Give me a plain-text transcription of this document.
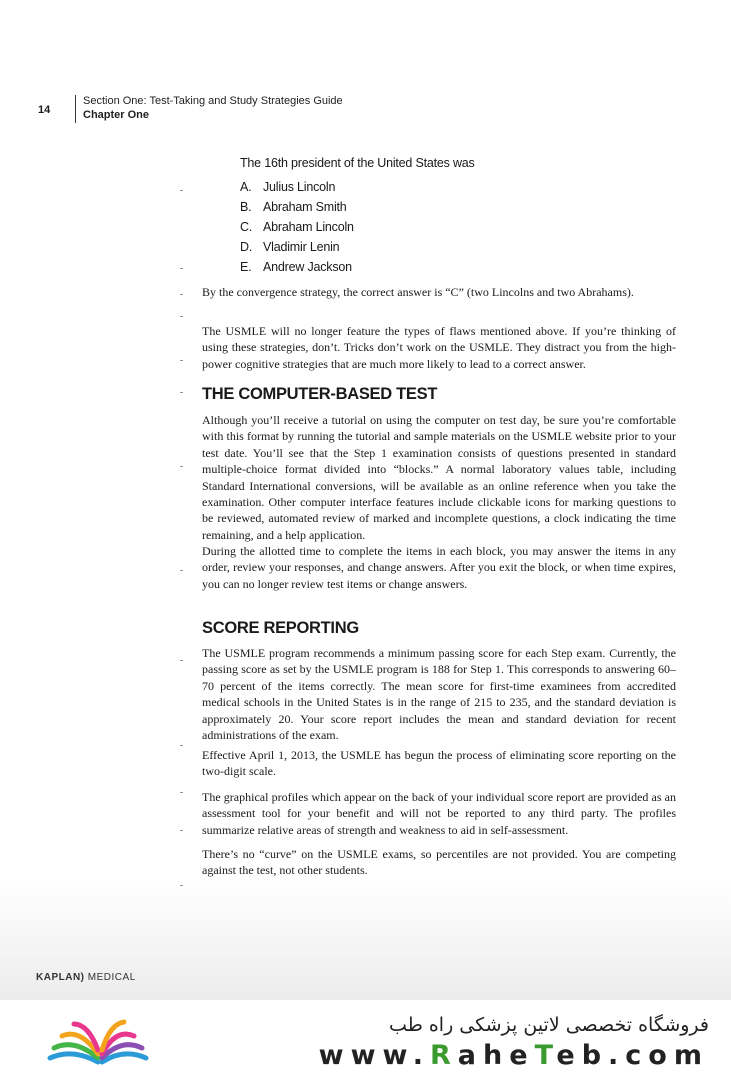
14
Section One: Test-Taking and Study Strategies Guide
Chapter One
The 16th president of the United States was
A. Julius Lincoln
B. Abraham Smith
C. Abraham Lincoln
D. Vladimir Lenin
E. Andrew Jackson
By the convergence strategy, the correct answer is “C” (two Lincolns and two Abrahams).
The USMLE will no longer feature the types of flaws mentioned above. If you’re thinking of using these strategies, don’t. Tricks don’t work on the USMLE. They distract you from the high-power cognitive strategies that are much more likely to lead to a correct answer.
THE COMPUTER-BASED TEST
Although you’ll receive a tutorial on using the computer on test day, be sure you’re comfortable with this format by running the tutorial and sample materials on the USMLE website prior to your test date. You’ll see that the Step 1 examination consists of questions presented in standard multiple-choice format divided into “blocks.” A normal laboratory values table, including Standard International conversions, will be available as an online reference when you take the examination. Other computer interface features include clickable icons for marking questions to be reviewed, automated review of marked and incomplete questions, a clock indicating the time remaining, and a help application.
During the allotted time to complete the items in each block, you may answer the items in any order, review your responses, and change answers. After you exit the block, or when time expires, you can no longer review test items or change answers.
SCORE REPORTING
The USMLE program recommends a minimum passing score for each Step exam. Currently, the passing score as set by the USMLE program is 188 for Step 1. This corresponds to answering 60–70 percent of the items correctly. The mean score for first-time examinees from accredited medical schools in the United States is in the range of 215 to 235, and the standard deviation is approximately 20. Your score report includes the mean and standard deviation for recent administrations of the exam.
Effective April 1, 2013, the USMLE has begun the process of eliminating score reporting on the two-digit scale.
The graphical profiles which appear on the back of your individual score report are provided as an assessment tool for your benefit and will not be reported to any third party. The profiles summarize relative areas of strength and weakness to aid in self-assessment.
There’s no “curve” on the USMLE exams, so percentiles are not provided. You are competing against the test, not other students.
KAPLAN) MEDICAL
فروشگاه تخصصی لاتین پزشکی راه طب
www.RaheTeb.com
